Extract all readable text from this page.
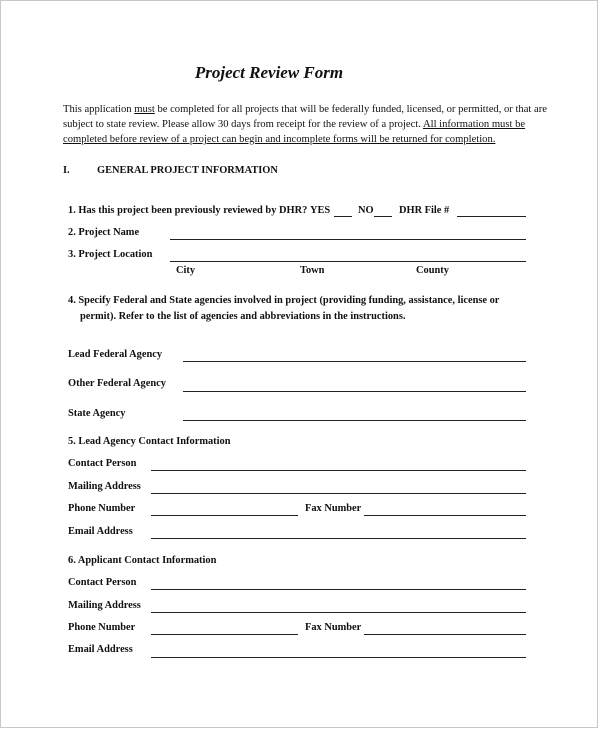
Project Review Form
This application must be completed for all projects that will be federally funded, licensed, or permitted, or that are
subject to state review. Please allow 30 days from receipt for the review of a project. All information must be
completed before review of a project can begin and incomplete forms will be returned for completion.
I.	GENERAL PROJECT INFORMATION
1. Has this project been previously reviewed by DHR? YES	NO DHR File #
2. Project Name
3. Project Location
City	Town	County
4. Specify Federal and State agencies involved in project (providing funding, assistance, license or
permit). Refer to the list of agencies and abbreviations in the instructions.
Lead Federal Agency
Other Federal Agency
State Agency
5. Lead Agency Contact Information
Contact Person
Mailing Address
Phone Number	Fax Number
Email Address
6. Applicant Contact Information
Contact Person
Mailing Address
Phone Number	Fax Number
Email Address
